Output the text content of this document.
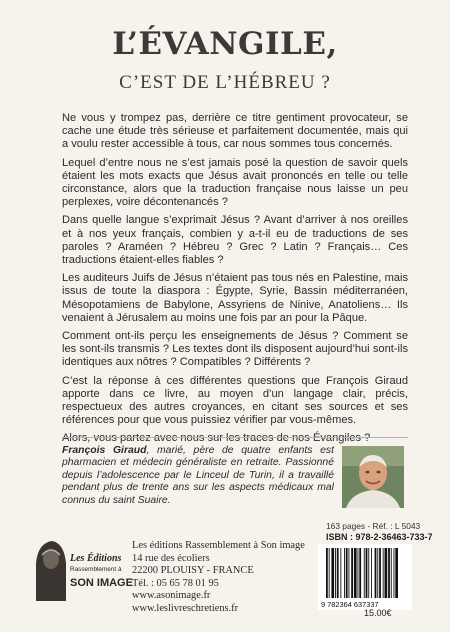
L’ÉVANGILE,
C’EST DE L’HÉBREU ?

Ne vous y trompez pas, derrière ce titre gentiment provocateur, se cache une étude très sérieuse et parfaitement documentée, mais qui a voulu rester accessible à tous, car nous sommes tous concernés.

Lequel d’entre nous ne s’est jamais posé la question de savoir quels étaient les mots exacts que Jésus avait prononcés en telle ou telle circonstance, alors que la traduction française nous laisse un peu perplexes, voire décontenancés ?

Dans quelle langue s’exprimait Jésus ? Avant d’arriver à nos oreilles et à nos yeux français, combien y a-t-il eu de traductions de ses paroles ? Araméen ? Hébreu ? Grec ? Latin ? Français… Ces traductions étaient-elles fiables ?

Les auditeurs Juifs de Jésus n’étaient pas tous nés en Palestine, mais issus de toute la diaspora : Égypte, Syrie, Bassin méditerranéen, Mésopotamiens de Babylone, Assyriens de Ninive, Anatoliens… Ils venaient à Jérusalem au moins une fois par an pour la Pâque.

Comment ont-ils perçu les enseignements de Jésus ? Comment se les sont-ils transmis ? Les textes dont ils disposent aujourd’hui sont-ils identiques aux nôtres ? Compatibles ? Différents ?

C’est la réponse à ces différentes questions que François Giraud apporte dans ce livre, au moyen d’un langage clair, précis, respectueux des autres croyances, en citant ses sources et ses références pour que vous puissiez vérifier par vous-mêmes.

Alors, vous partez avec nous sur les traces de nos Évangiles ?

François Giraud, marié, père de quatre enfants est pharmacien et médecin généraliste en retraite. Passionné depuis l’adolescence par le Linceul de Turin, il a travaillé pendant plus de trente ans sur les aspects médicaux mal connus du saint Suaire.

Les Éditions
Rassemblement à
SON IMAGE
Les éditions Rassemblement à Son image
14 rue des écoliers
22200 PLOUISY - FRANCE
Tél. : 05 65 78 01 95
www.asonimage.fr
www.leslivreschretiens.fr
163 pages - Réf. : L 5043
ISBN : 978-2-36463-733-7
9 782364 637337
15.00€
